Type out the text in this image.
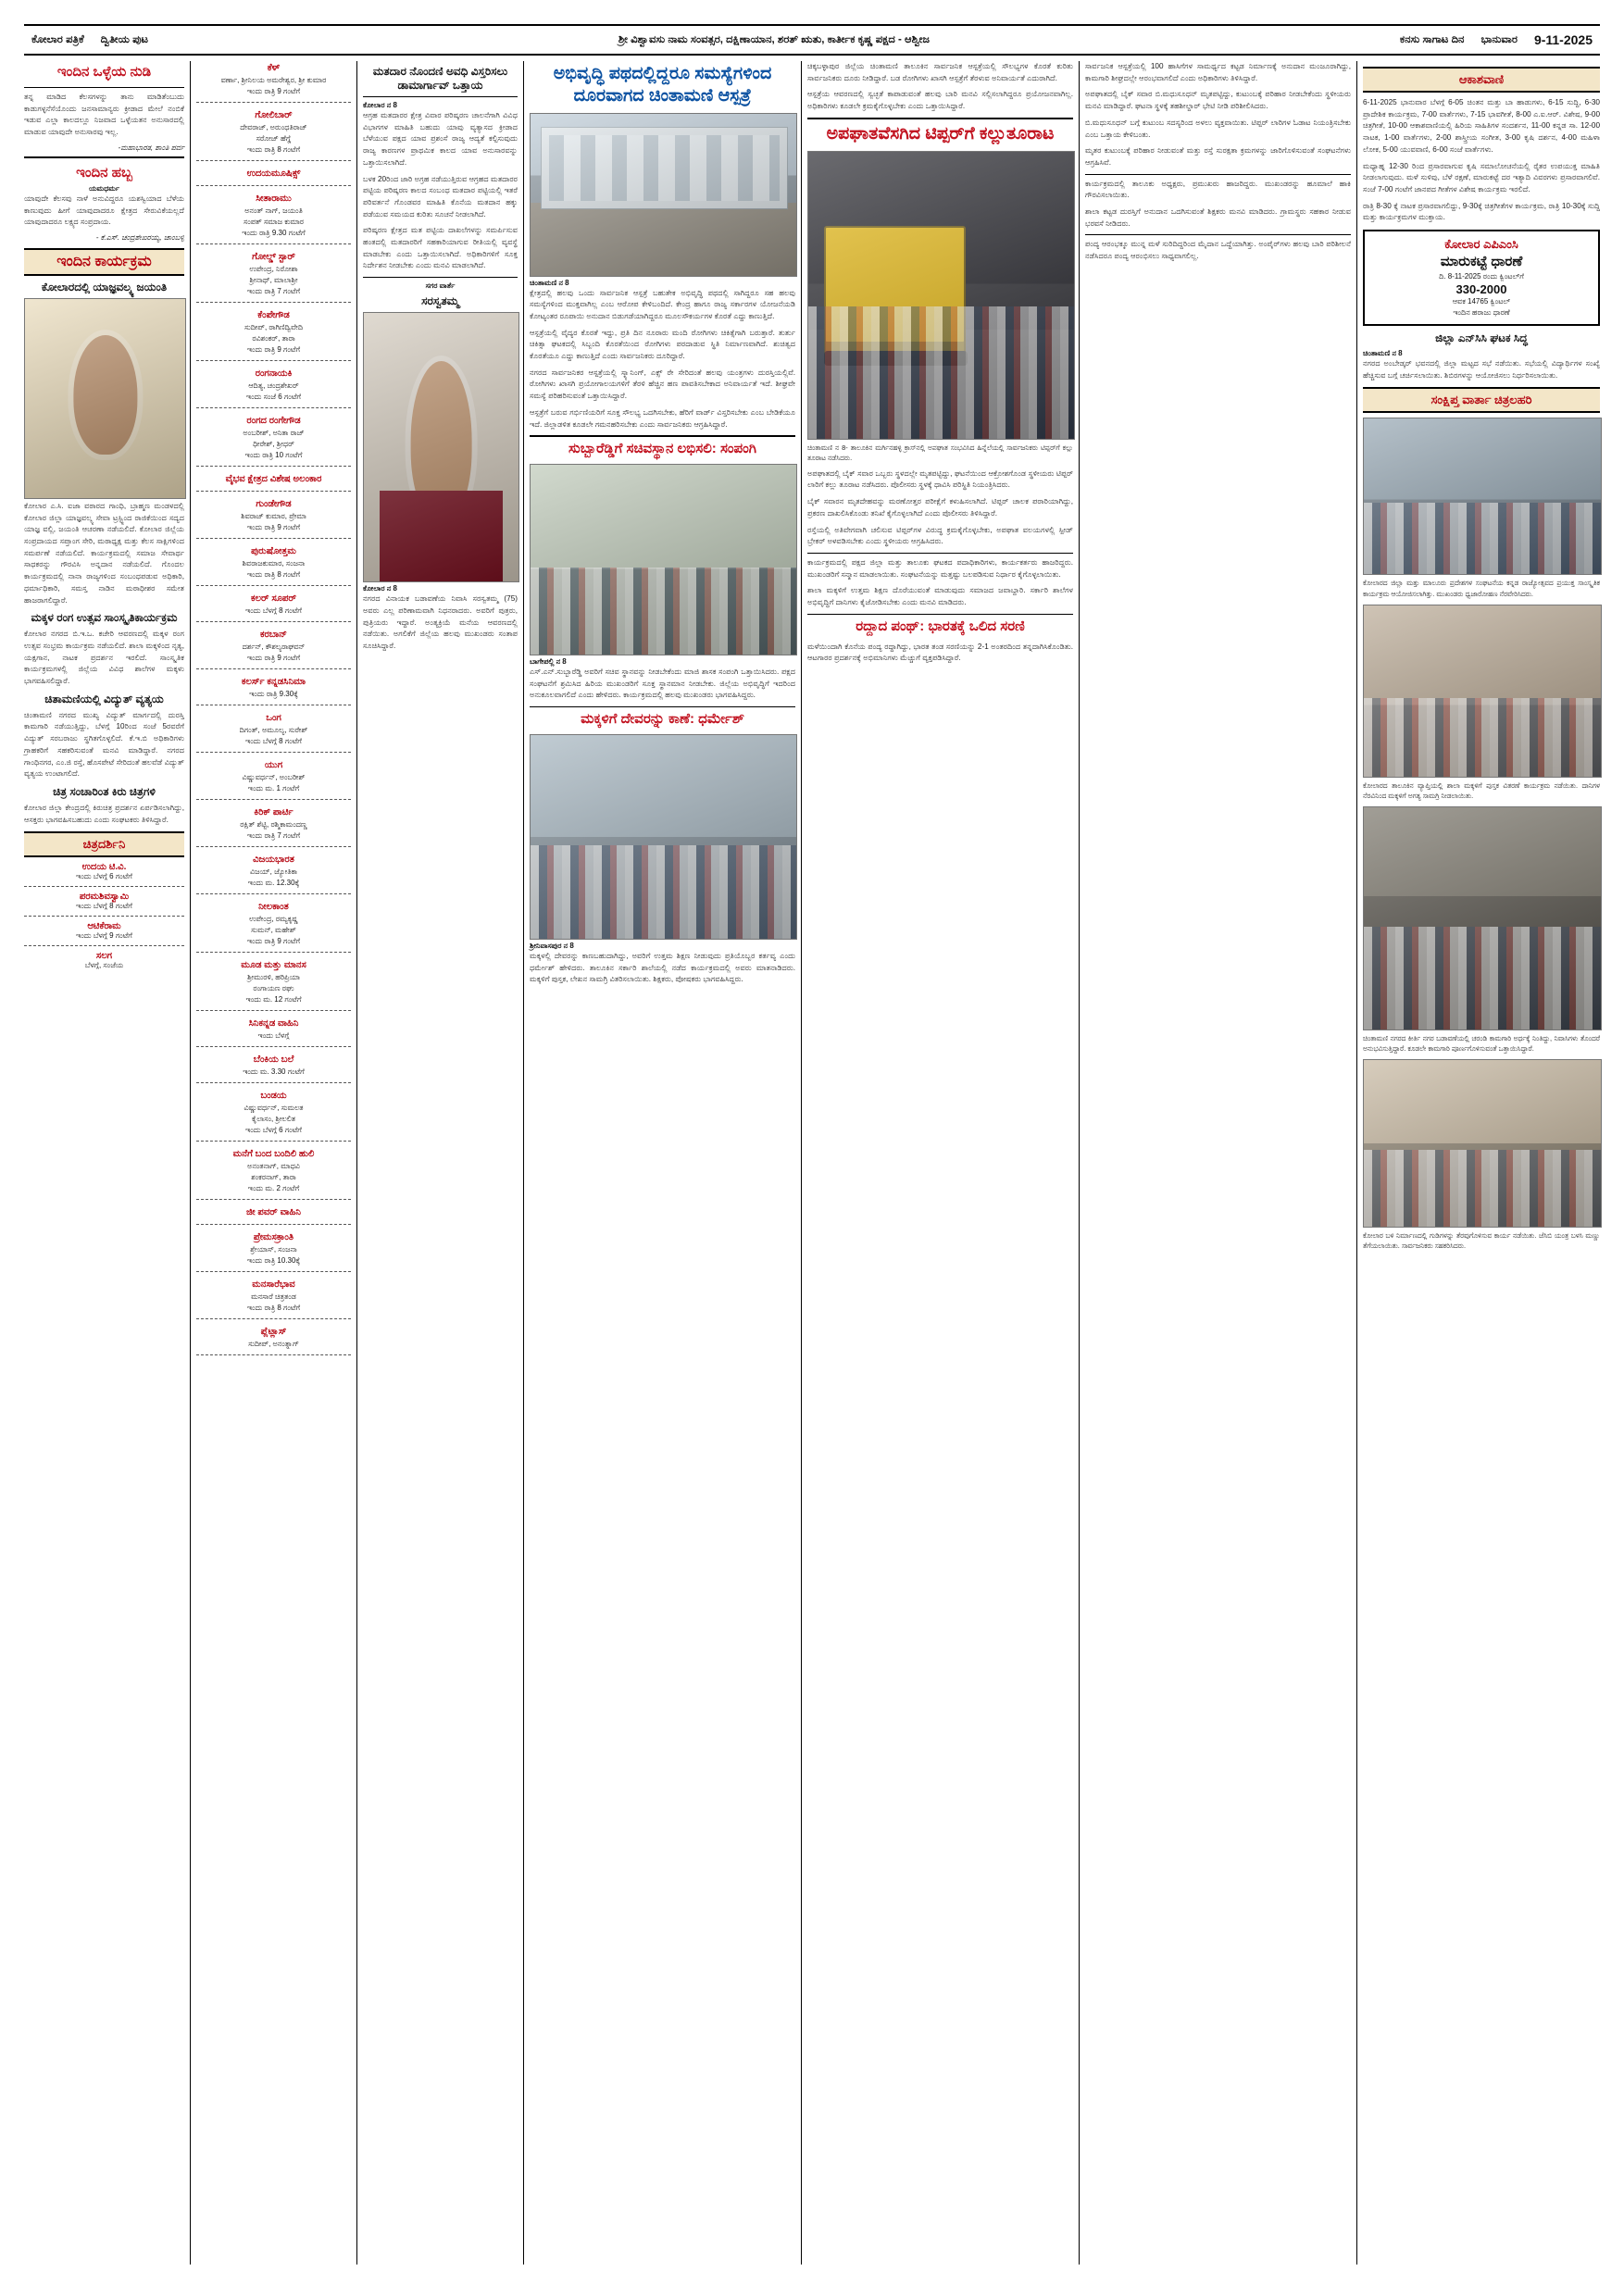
ಕೋಲಾರ ಪತ್ರಿಕೆ ದ್ವಿತೀಯ ಪುಟ	ಶ್ರೀ ವಿಶ್ವಾವಸು ನಾಮ ಸಂವತ್ಸರ, ದಕ್ಷಿಣಾಯಾನ, ಶರತ್ ಋತು, ಕಾರ್ತೀಕ ಕೃಷ್ಣ ಪಕ್ಷದ - ಆಶ್ವೀಜ	ಕನಸು ಸಾಗಾಟ ದಿನ ಭಾನುವಾರ 9-11-2025
ಇಂದಿನ ಒಳ್ಳೆಯ ನುಡಿ
ತನ್ನ ಮಾಡಿದ ಕೆಲಸಗಳನ್ನು ತಾನು ಮಾಡಿತೆಂಬುದು ಕಾಡುಗಳ್ಳನೆಸೆಯೊಂದು ಜನಸಾಮಾನ್ಯರು ಕ್ರೀಡಾದ ಮೇಲೆ ನಂಬಿಕೆ ಇಡುವ ಎಲ್ಲಾ ಕಾಲದಲ್ಲೂ ನಿಜವಾದ ಒಳ್ಳೆಯತನ ಅನುಸಾರದಲ್ಲಿ ಮಾಡುವ ಯಾವುದೇ ಅನುಸಾರವು ಇಲ್ಲ.
-ಮಹಾಭಾರತ, ಶಾಂತಿ ಪರ್ವ
ಇಂದಿನ ಹಬ್ಬ
ಯಮಧರ್ಮ
ಯಾವುದೇ ಕೆಲಸವು ನಾಳೆ ಅನುವಿದ್ದರೂ ಯಶಸ್ವಿಯಾದ ಬೆಳೆಯ ಕಾಣುವುದು ಹೀಗೆ ಯಾವುದಾದರೂ ಕ್ಷೇತ್ರದ ಸೇರುವಿಕೆಯಲ್ಲದೆ ಯಾವುದಾದರೂ ಲಕ್ಷ್ಯದ ಸಂಪ್ರದಾಯ.
- ಕೆ.ಎಸ್. ಚಂದ್ರಶೇಖರಯ್ಯ, ಚಾಂಬಳ್ಳಿ
ಇಂದಿನ ಕಾರ್ಯಕ್ರಮ
ಕೋಲಾರದಲ್ಲಿ ಯಾಜ್ಞವಲ್ಕ್ಯ ಜಯಂತಿ
ಕೋಲಾರ ಎ.ಸಿ. ಐಜಾ ವಠಾರದ ಗಾಂಧಿ, ಬ್ರಾಹ್ಮಣ ಮಂಡಳದಲ್ಲಿ ಕೋಲಾರ ಜಿಲ್ಲಾ ಯಾಜ್ಞವಲ್ಕ್ಯ ಸೇವಾ ಟ್ರಸ್ಟ್ನಿಂದ ರಾಜಿಕೆಯಿಂದ ಸದ್ಯದ ಯಾಜ್ಞ ವಲ್ಲಿ, ಜಯಂತಿ ಆಚರಣಾ ನಡೆಯಲಿದೆ. ಕೋಲಾರ ಜಿಲ್ಲೆಯ ಸಂಪ್ರದಾಯದ ಸಪ್ತಾಂಗ ಸೇರಿ, ಮಠಾಧ್ಯಕ್ಷ ಮತ್ತು ಕೆಲಸ ಸಾಕ್ಷಿಗಳಿಂದ ಸಮರ್ಪಣೆ ನಡೆಯಲಿದೆ. ಕಾರ್ಯಕ್ರಮದಲ್ಲಿ ಸಮಾಜ ಸೇವಾರ್ಥ ಸಾಧಕರನ್ನು ಗೌರವಿಸಿ ಅನ್ನದಾನ ನಡೆಯಲಿದೆ. ಗೊಂದಲ ಕಾರ್ಯಕ್ರಮದಲ್ಲಿ ನಾನಾ ರಾಜ್ಯಗಳಿಂದ ಸಂಬಂಧಪಡುವ ಅಧಿಕಾರಿ, ಧರ್ಮಾಧಿಕಾರಿ, ಸಮಸ್ತ ನಾಡಿನ ಮಠಾಧೀಶರ ಸಮೇತ ಹಾಜರಾಗಲಿದ್ದಾರೆ.
ಮಕ್ಕಳ ರಂಗ ಉತ್ಸವ ಸಾಂಸ್ಕೃತಿಕಾರ್ಯಕ್ರಮ
ಕೋಲಾರ ನಗರದ ಬಿ.ಇ.ಒ. ಕಚೇರಿ ಆವರಣದಲ್ಲಿ ಮಕ್ಕಳ ರಂಗ ಉತ್ಸವ ಸಂಭ್ರಮ ಕಾರ್ಯಕ್ರಮ ನಡೆಯಲಿದೆ. ಶಾಲಾ ಮಕ್ಕಳಿಂದ ನೃತ್ಯ, ಯಕ್ಷಗಾನ, ನಾಟಕ ಪ್ರದರ್ಶನ ಇರಲಿದೆ. ಸಾಂಸ್ಕೃತಿಕ ಕಾರ್ಯಕ್ರಮಗಳಲ್ಲಿ ಜಿಲ್ಲೆಯ ವಿವಿಧ ಶಾಲೆಗಳ ಮಕ್ಕಳು ಭಾಗವಹಿಸಲಿದ್ದಾರೆ.
ಚಿತಾಮಣಿಯಲ್ಲಿ ವಿದ್ಯುತ್ ವ್ಯತ್ಯಯ
ಚಿಂತಾಮಣಿ ನಗರದ ಮುಖ್ಯ ವಿದ್ಯುತ್ ಮಾರ್ಗದಲ್ಲಿ ದುರಸ್ತಿ ಕಾಮಗಾರಿ ನಡೆಯುತ್ತಿದ್ದು, ಬೆಳಗ್ಗೆ 10ರಿಂದ ಸಂಜೆ 5ರವರೆಗೆ ವಿದ್ಯುತ್ ಸರಬರಾಜು ಸ್ಥಗಿತಗೊಳ್ಳಲಿದೆ. ಕೆ.ಇ.ಬಿ ಅಧಿಕಾರಿಗಳು ಗ್ರಾಹಕರಿಗೆ ಸಹಕರಿಸುವಂತೆ ಮನವಿ ಮಾಡಿದ್ದಾರೆ. ನಗರದ ಗಾಂಧಿನಗರ, ಎಂ.ಜಿ ರಸ್ತೆ, ಹೊಸಪೇಟೆ ಸೇರಿದಂತೆ ಹಲವೆಡೆ ವಿದ್ಯುತ್ ವ್ಯತ್ಯಯ ಉಂಟಾಗಲಿದೆ.
ಚಿತ್ರ ಸಂಚಾರಿಂತ ಕಿರು ಚಿತ್ರಗಳಿ
ಕೋಲಾರ ಜಿಲ್ಲಾ ಕೇಂದ್ರದಲ್ಲಿ ಕಿರುಚಿತ್ರ ಪ್ರದರ್ಶನ ಏರ್ಪಡಿಸಲಾಗಿದ್ದು, ಆಸಕ್ತರು ಭಾಗವಹಿಸಬಹುದು ಎಂದು ಸಂಘಟಕರು ತಿಳಿಸಿದ್ದಾರೆ.
ಚಿತ್ರದರ್ಶಿನಿ
ಉದಯ ಟಿ.ವಿ.
ಇಂದು ಬೆಳಗ್ಗೆ 6 ಗಂಟೆಗೆ
ಪರಮಶಿವಸ್ವಾಮಿ
ಇಂದು ಬೆಳಗ್ಗೆ 8 ಗಂಟೆಗೆ
ಆಟಿಕೆರಾಮ
ಇಂದು ಬೆಳಗ್ಗೆ 9 ಗಂಟೆಗೆ
ಸಲಗ
ಬೆಳಗ್ಗೆ, ಸಂಜೆಯ
ಕೆಳ್
ವರ್ಣಾ, ಶ್ರೀನಿಲಯ ಅಮರೇಶ್ವರ, ಶ್ರೀ ಕುಮಾರ
ಇಂದು ರಾತ್ರಿ 9 ಗಂಟೆಗೆ
ಗೋಲಿಬಾರ್
ದೇವರಾಜ್, ಅರುಂಧತಿರಾಜ್
ಸರೋಜ್ ಹೆಗ್ಡೆ
ಇಂದು ರಾತ್ರಿ 8 ಗಂಟೆಗೆ
ಉದಯಮೂಷಿಕ್ಸ್
ಸೀತಾರಾಮು
ಅನಂತ್ ನಾಗ್, ಜಯಂತಿ
ಸಂಪತ್ ಸಮಾಜ ಕುಮಾರ
ಇಂದು ರಾತ್ರಿ 9.30 ಗಂಟೆಗೆ
ಗೋಲ್ಡ್ ಸ್ಟಾರ್
ಉಪೇಂದ್ರ, ನಿರೋಶಾ
ಶ್ರೀನಾಥ್, ಮಾಲಾಶ್ರೀ
ಇಂದು ರಾತ್ರಿ 7 ಗಂಟೆಗೆ
ಕೆಂಪೇಗೌಡ
ಸುದೀಪ್, ರಾಗಿಣಿದ್ವಿವೇದಿ
ರವಿಶಂಕರ್, ತಾರಾ
ಇಂದು ರಾತ್ರಿ 9 ಗಂಟೆಗೆ
ರಂಗನಾಯಕಿ
ಆದಿತ್ಯ, ಚಂದ್ರಶೇಖರ್
ಇಂದು ಸಂಜೆ 6 ಗಂಟೆಗೆ
ರಂಗದ ರಂಗೇಗೌಡ
ಅಂಬರೀಶ್, ಅನಿತಾ ರಾಜ್
ಧೀರೇಶ್, ಶ್ರೀಧರ್
ಇಂದು ರಾತ್ರಿ 10 ಗಂಟೆಗೆ
ವೈಭವ ಕ್ಷೇತ್ರದ ವಿಶೇಷ ಅಲಂಕಾರ
ಗುಂಡೇಗೌಡ
ಶಿವರಾಜ್ ಕುಮಾರ, ಪ್ರೇಮಾ
ಇಂದು ರಾತ್ರಿ 9 ಗಂಟೆಗೆ
ಪುರುಷೋತ್ತಮ
ಶಿವರಾಜಕುಮಾರ, ಸಂಜನಾ
ಇಂದು ರಾತ್ರಿ 8 ಗಂಟೆಗೆ
ಕಲರ್ ಸೂಪರ್
ಇಂದು ಬೆಳಗ್ಗೆ 8 ಗಂಟೆಗೆ
ಕರಬಾನ್
ದರ್ಶನ್, ಕೌಶಲ್ಯರಾಘವನ್
ಇಂದು ರಾತ್ರಿ 9 ಗಂಟೆಗೆ
ಕಲರ್ಸ್ ಕನ್ನಡಸಿನಿಮಾ
ಇಂದು ರಾತ್ರಿ 9.30ಕ್ಕೆ
ಒಂಗ
ದಿಗಂತ್, ಅಮೂಲ್ಯ, ಸುರೇಶ್
ಇಂದು ಬೆಳಗ್ಗೆ 8 ಗಂಟೆಗೆ
ಯುಗ
ವಿಷ್ಣುವರ್ಧನ್, ಅಂಬರೀಶ್
ಇಂದು ಮ. 1 ಗಂಟೆಗೆ
ಕಿರಿಕ್ ಪಾರ್ಟಿ
ರಕ್ಷಿತ್ ಶೆಟ್ಟಿ, ರಶ್ಮಿಕಾಮಂದಣ್ಣ
ಇಂದು ರಾತ್ರಿ 7 ಗಂಟೆಗೆ
ವಿಜಯಭಾರತ
ವಿಜಯ್, ಜ್ಯೋತಿಕಾ
ಇಂದು ಮ. 12.30ಕ್ಕೆ
ನೀಲಕಾಂತ
ಉಪೇಂದ್ರ, ರಮ್ಯಕೃಷ್ಣ
ಸುಮನ್, ಮಹೇಶ್
ಇಂದು ರಾತ್ರಿ 9 ಗಂಟೆಗೆ
ಮೂಡ ಮತ್ತು ಮಾನಸ
ಶ್ರೀಮುರಳಿ, ಹರಿಪ್ರಿಯಾ
ರಂಗಾಯಣ ರಘು
ಇಂದು ಮ. 12 ಗಂಟೆಗೆ
ಸಿನಿಕನ್ನಡ ವಾಹಿನಿ
ಇಂದು ಬೆಳಗ್ಗೆ
ಬೆಂಕಿಯ ಬಲೆ
ಇಂದು ಮ. 3.30 ಗಂಟೆಗೆ
ಬಂಡಯ
ವಿಷ್ಣುವರ್ಧನ್, ಸುಮಲತ
ಕೈಲಾಸಂ, ಶ್ರೀಲಲಿತ
ಇಂದು ಬೆಳಗ್ಗೆ 6 ಗಂಟೆಗೆ
ಮನೆಗೆ ಬಂದ ಬಂದಿಲಿ ಹುಲಿ
ಅನಂತನಾಗ್, ಮಾಧವಿ
ಶಂಕರನಾಗ್, ತಾರಾ
ಇಂದು ಮ. 2 ಗಂಟೆಗೆ
ಜೀ ಪವರ್ ವಾಹಿನಿ
ಪ್ರೇಮಸಕ್ರಾಂತಿ
ಶ್ರೇಯಾಸ್, ಸಂಜನಾ
ಇಂದು ರಾತ್ರಿ 10.30ಕ್ಕೆ
ಮನಸಾರೆಭಾವ
ಮನಸಾರೆ ಚಿತ್ರತಂಡ
ಇಂದು ರಾತ್ರಿ 8 ಗಂಟೆಗೆ
ಪ್ಲೆಟ್ಲಾಸ್
ಸುದೀಪ್, ಅನಂತ್ನಾಗ್
ಮತದಾರ ನೊಂದಣಿ ಅವಧಿ ವಿಸ್ತರಿಸಲು ಡಾಮಾರ್ಗಾವ್ ಒತ್ತಾಯ
ಕೋಲಾರ ನ 8
ಆಗ್ರಹ ಮತದಾರರ ಕ್ಷೇತ್ರ ವಿವಾರ ಪರಿಷ್ಕರಣ ಚಾಲನೆಗಾಗಿ ವಿವಿಧ ವಿಭಾಗಗಳ ಮಾಹಿತಿ ಬಹುದು ಯಾವು ವ್ಯತ್ಯಾಸದ ಕ್ರೀಡಾದ ಬೆಳೆಯುವ ಪಕ್ಷದ ಯಾವ ಪ್ರಶಂಸೆ ರಾಜ್ಯ ಆದ್ಯತೆ ಕಲ್ಪಿಸುವುದು ರಾಜ್ಯ ಕಾರಣಗಳ ಪ್ರಾಥಮಿಕ ಕಾಲದ ಯಾವ ಅನುಸಾರವನ್ನು ಒತ್ತಾಯಿಸಲಾಗಿದೆ.
ಬಳಕ 20ರಿಂದ ಜಾರಿ ಅಗ್ರಹ ನಡೆಯುತ್ತಿರುವ ಆಗ್ರಹದ ಮತದಾರರ ಪಟ್ಟಿಯ ಪರಿಷ್ಕರಣ ಕಾಲದ ಸಂಬಂಧ ಮತದಾರ ಪಟ್ಟಿಯಲ್ಲಿ ಇತರೆ ಪರಿವರ್ತನೆ ಗೊಂಡವರ ಮಾಹಿತಿ ಕೊನೆಯ ಮತದಾನ ಹಕ್ಕು ಪಡೆಯುವ ಸಮಯದ ಕುರಿತು ಸೂಚನೆ ನೀಡಲಾಗಿದೆ.
ಪರಿಷ್ಕರಣ ಕ್ಷೇತ್ರದ ಮತ ಪಟ್ಟಿಯ ದಾಖಲೆಗಳನ್ನು ಸಮರ್ಪಿಸುವ ಹಂತದಲ್ಲಿ ಮತದಾರರಿಗೆ ಸಹಕಾರಿಯಾಗುವ ರೀತಿಯಲ್ಲಿ ವ್ಯವಸ್ಥೆ ಮಾಡಬೇಕು ಎಂದು ಒತ್ತಾಯಿಸಲಾಗಿದೆ. ಅಧಿಕಾರಿಗಳಿಗೆ ಸೂಕ್ತ ನಿರ್ದೇಶನ ನೀಡಬೇಕು ಎಂದು ಮನವಿ ಮಾಡಲಾಗಿದೆ.
ಸಗರ ವಾರ್ತೆ
ಸರಸ್ವತಮ್ಮ
ಕೋಲಾರ ನ 8
ನಗರದ ವಿನಾಯಕ ಬಡಾವಣೆಯ ನಿವಾಸಿ ಸರಸ್ವತಮ್ಮ (75) ಅವರು ಎಲ್ಲ ಪರಿಣಾಮವಾಗಿ ನಿಧನರಾದರು. ಅವರಿಗೆ ಪುತ್ರರು, ಪುತ್ರಿಯರು ಇದ್ದಾರೆ. ಅಂತ್ಯಕ್ರಿಯೆ ಮನೆಯ ಆವರಣದಲ್ಲಿ ನಡೆಯಿತು. ಅಗಲಿಕೆಗೆ ಜಿಲ್ಲೆಯ ಹಲವು ಮುಖಂಡರು ಸಂತಾಪ ಸೂಚಿಸಿದ್ದಾರೆ.
ಅಭಿವೃದ್ಧಿ ಪಥದಲ್ಲಿದ್ದರೂ ಸಮಸ್ಯೆಗಳಿಂದ ದೂರವಾಗದ ಚಿಂತಾಮಣಿ ಆಸ್ಪತ್ರೆ
ಚಿಂತಾಮಣಿ ನ 8
ಕ್ಷೇತ್ರದಲ್ಲಿ ಹಲವು ಒಂದು ಸಾರ್ವಜನಿಕ ಆಸ್ಪತ್ರೆ ಬಹುತೇಕ ಅಭಿವೃದ್ಧಿ ಪಥದಲ್ಲಿ ಸಾಗಿದ್ದರೂ ಸಹ ಹಲವು ಸಮಸ್ಯೆಗಳಿಂದ ಮುಕ್ತವಾಗಿಲ್ಲ ಎಂಬ ಆರೋಪ ಕೇಳಿಬಂದಿದೆ. ಕೇಂದ್ರ ಹಾಗೂ ರಾಜ್ಯ ಸರ್ಕಾರಗಳ ಯೋಜನೆಯಡಿ ಕೋಟ್ಯಂತರ ರೂಪಾಯಿ ಅನುದಾನ ಬಿಡುಗಡೆಯಾಗಿದ್ದರೂ ಮೂಲಸೌಕರ್ಯಗಳ ಕೊರತೆ ಎದ್ದು ಕಾಣುತ್ತಿದೆ.
ಆಸ್ಪತ್ರೆಯಲ್ಲಿ ವೈದ್ಯರ ಕೊರತೆ ಇದ್ದು, ಪ್ರತಿ ದಿನ ನೂರಾರು ಮಂದಿ ರೋಗಿಗಳು ಚಿಕಿತ್ಸೆಗಾಗಿ ಬರುತ್ತಾರೆ. ತುರ್ತು ಚಿಕಿತ್ಸಾ ಘಟಕದಲ್ಲಿ ಸಿಬ್ಬಂದಿ ಕೊರತೆಯಿಂದ ರೋಗಿಗಳು ಪರದಾಡುವ ಸ್ಥಿತಿ ನಿರ್ಮಾಣವಾಗಿದೆ. ಶುಚಿತ್ವದ ಕೊರತೆಯೂ ಎದ್ದು ಕಾಣುತ್ತಿದೆ ಎಂದು ಸಾರ್ವಜನಿಕರು ದೂರಿದ್ದಾರೆ.
ನಗರದ ಸಾರ್ವಜನಿಕರ ಆಸ್ಪತ್ರೆಯಲ್ಲಿ ಸ್ಕ್ಯಾನಿಂಗ್, ಎಕ್ಸ್ ರೇ ಸೇರಿದಂತೆ ಹಲವು ಯಂತ್ರಗಳು ದುರಸ್ತಿಯಲ್ಲಿವೆ. ರೋಗಿಗಳು ಖಾಸಗಿ ಪ್ರಯೋಗಾಲಯಗಳಿಗೆ ತೆರಳಿ ಹೆಚ್ಚಿನ ಹಣ ಪಾವತಿಸಬೇಕಾದ ಅನಿವಾರ್ಯತೆ ಇದೆ. ಶೀಘ್ರವೇ ಸಮಸ್ಯೆ ಪರಿಹರಿಸುವಂತೆ ಒತ್ತಾಯಿಸಿದ್ದಾರೆ.
ಆಸ್ಪತ್ರೆಗೆ ಬರುವ ಗರ್ಭಿಣಿಯರಿಗೆ ಸೂಕ್ತ ಸೌಲಭ್ಯ ಒದಗಿಸಬೇಕು, ಹೆರಿಗೆ ವಾರ್ಡ್ ವಿಸ್ತರಿಸಬೇಕು ಎಂಬ ಬೇಡಿಕೆಯೂ ಇದೆ. ಜಿಲ್ಲಾಡಳಿತ ಕೂಡಲೇ ಗಮನಹರಿಸಬೇಕು ಎಂದು ಸಾರ್ವಜನಿಕರು ಆಗ್ರಹಿಸಿದ್ದಾರೆ.
ಸುಬ್ಬಾರೆಡ್ಡಿಗೆ ಸಚಿವಸ್ಥಾನ ಲಭಿಸಲಿ: ಸಂಪಂಗಿ
ಬಾಗೇಪಲ್ಲಿ ನ 8
ಎಸ್.ಎನ್.ಸುಬ್ಬಾರೆಡ್ಡಿ ಅವರಿಗೆ ಸಚಿವ ಸ್ಥಾನವನ್ನು ನೀಡಬೇಕೆಂದು ಮಾಜಿ ಶಾಸಕ ಸಂಪಂಗಿ ಒತ್ತಾಯಿಸಿದರು. ಪಕ್ಷದ ಸಂಘಟನೆಗೆ ಶ್ರಮಿಸಿದ ಹಿರಿಯ ಮುಖಂಡರಿಗೆ ಸೂಕ್ತ ಸ್ಥಾನಮಾನ ನೀಡಬೇಕು. ಜಿಲ್ಲೆಯ ಅಭಿವೃದ್ಧಿಗೆ ಇದರಿಂದ ಅನುಕೂಲವಾಗಲಿದೆ ಎಂದು ಹೇಳಿದರು. ಕಾರ್ಯಕ್ರಮದಲ್ಲಿ ಹಲವು ಮುಖಂಡರು ಭಾಗವಹಿಸಿದ್ದರು.
ಮಕ್ಕಳಿಗೆ ದೇವರನ್ನು ಕಾಣೆ: ಧರ್ಮೇಶ್
ಶ್ರೀನಿವಾಸಪುರ ನ 8
ಮಕ್ಕಳಲ್ಲಿ ದೇವರನ್ನು ಕಾಣಬಹುದಾಗಿದ್ದು, ಅವರಿಗೆ ಉತ್ತಮ ಶಿಕ್ಷಣ ನೀಡುವುದು ಪ್ರತಿಯೊಬ್ಬರ ಕರ್ತವ್ಯ ಎಂದು ಧರ್ಮೇಶ್ ಹೇಳಿದರು. ತಾಲೂಕಿನ ಸರ್ಕಾರಿ ಶಾಲೆಯಲ್ಲಿ ನಡೆದ ಕಾರ್ಯಕ್ರಮದಲ್ಲಿ ಅವರು ಮಾತನಾಡಿದರು. ಮಕ್ಕಳಿಗೆ ಪುಸ್ತಕ, ಲೇಖನ ಸಾಮಗ್ರಿ ವಿತರಿಸಲಾಯಿತು. ಶಿಕ್ಷಕರು, ಪೋಷಕರು ಭಾಗವಹಿಸಿದ್ದರು.
ಚಿಕ್ಕಬಳ್ಳಾಪುರ ಜಿಲ್ಲೆಯ ಚಿಂತಾಮಣಿ ತಾಲೂಕಿನ ಸಾರ್ವಜನಿಕ ಆಸ್ಪತ್ರೆಯಲ್ಲಿ ಸೌಲಭ್ಯಗಳ ಕೊರತೆ ಕುರಿತು ಸಾರ್ವಜನಿಕರು ದೂರು ನೀಡಿದ್ದಾರೆ. ಬಡ ರೋಗಿಗಳು ಖಾಸಗಿ ಆಸ್ಪತ್ರೆಗೆ ತೆರಳುವ ಅನಿವಾರ್ಯತೆ ಎದುರಾಗಿದೆ.
ಆಸ್ಪತ್ರೆಯ ಆವರಣದಲ್ಲಿ ಸ್ವಚ್ಛತೆ ಕಾಪಾಡುವಂತೆ ಹಲವು ಬಾರಿ ಮನವಿ ಸಲ್ಲಿಸಲಾಗಿದ್ದರೂ ಪ್ರಯೋಜನವಾಗಿಲ್ಲ. ಅಧಿಕಾರಿಗಳು ಕೂಡಲೇ ಕ್ರಮಕೈಗೊಳ್ಳಬೇಕು ಎಂದು ಒತ್ತಾಯಿಸಿದ್ದಾರೆ.
ಅಪಘಾತವೆಸಗಿದ ಟಿಪ್ಪರ್‌ಗೆ ಕಲ್ಲುತೂರಾಟ
ಚಿಂತಾಮಣಿ ನ 8- ತಾಲೂಕಿನ ಮರ್ಗಿನಹಳ್ಳಿ ಕ್ರಾಸ್‌ನಲ್ಲಿ ಅಪಘಾತ ಸಂಭವಿಸಿದ ಹಿನ್ನೆಲೆಯಲ್ಲಿ ಸಾರ್ವಜನಿಕರು ಟಿಪ್ಪರ್‌ಗೆ ಕಲ್ಲು ತೂರಾಟ ನಡೆಸಿದರು.
ಅಪಘಾತದಲ್ಲಿ ಬೈಕ್ ಸವಾರ ಒಬ್ಬರು ಸ್ಥಳದಲ್ಲೇ ಮೃತಪಟ್ಟಿದ್ದು, ಘಟನೆಯಿಂದ ಆಕ್ರೋಶಗೊಂಡ ಸ್ಥಳೀಯರು ಟಿಪ್ಪರ್ ಲಾರಿಗೆ ಕಲ್ಲು ತೂರಾಟ ನಡೆಸಿದರು. ಪೊಲೀಸರು ಸ್ಥಳಕ್ಕೆ ಧಾವಿಸಿ ಪರಿಸ್ಥಿತಿ ನಿಯಂತ್ರಿಸಿದರು.
ಬೈಕ್ ಸವಾರನ ಮೃತದೇಹವನ್ನು ಮರಣೋತ್ತರ ಪರೀಕ್ಷೆಗೆ ಕಳುಹಿಸಲಾಗಿದೆ. ಟಿಪ್ಪರ್ ಚಾಲಕ ಪರಾರಿಯಾಗಿದ್ದು, ಪ್ರಕರಣ ದಾಖಲಿಸಿಕೊಂಡು ತನಿಖೆ ಕೈಗೊಳ್ಳಲಾಗಿದೆ ಎಂದು ಪೊಲೀಸರು ತಿಳಿಸಿದ್ದಾರೆ.
ರಸ್ತೆಯಲ್ಲಿ ಅತಿವೇಗವಾಗಿ ಚಲಿಸುವ ಟಿಪ್ಪರ್‌ಗಳ ವಿರುದ್ಧ ಕ್ರಮಕೈಗೊಳ್ಳಬೇಕು, ಅಪಘಾತ ವಲಯಗಳಲ್ಲಿ ಸ್ಪೀಡ್ ಬ್ರೇಕರ್ ಅಳವಡಿಸಬೇಕು ಎಂದು ಸ್ಥಳೀಯರು ಆಗ್ರಹಿಸಿದರು.
ಕಾರ್ಯಕ್ರಮದಲ್ಲಿ ಪಕ್ಷದ ಜಿಲ್ಲಾ ಮತ್ತು ತಾಲೂಕು ಘಟಕದ ಪದಾಧಿಕಾರಿಗಳು, ಕಾರ್ಯಕರ್ತರು ಹಾಜರಿದ್ದರು. ಮುಖಂಡರಿಗೆ ಸನ್ಮಾನ ಮಾಡಲಾಯಿತು. ಸಂಘಟನೆಯನ್ನು ಮತ್ತಷ್ಟು ಬಲಪಡಿಸುವ ನಿರ್ಧಾರ ಕೈಗೊಳ್ಳಲಾಯಿತು.
ಶಾಲಾ ಮಕ್ಕಳಿಗೆ ಉತ್ತಮ ಶಿಕ್ಷಣ ದೊರೆಯುವಂತೆ ಮಾಡುವುದು ಸಮಾಜದ ಜವಾಬ್ದಾರಿ. ಸರ್ಕಾರಿ ಶಾಲೆಗಳ ಅಭಿವೃದ್ಧಿಗೆ ದಾನಿಗಳು ಕೈಜೋಡಿಸಬೇಕು ಎಂದು ಮನವಿ ಮಾಡಿದರು.
ರದ್ದಾದ ಪಂಥ್: ಭಾರತಕ್ಕೆ ಒಲಿದ ಸರಣಿ
ಮಳೆಯಿಂದಾಗಿ ಕೊನೆಯ ಪಂದ್ಯ ರದ್ದಾಗಿದ್ದು, ಭಾರತ ತಂಡ ಸರಣಿಯನ್ನು 2-1 ಅಂತರದಿಂದ ತನ್ನದಾಗಿಸಿಕೊಂಡಿತು. ಆಟಗಾರರ ಪ್ರದರ್ಶನಕ್ಕೆ ಅಭಿಮಾನಿಗಳು ಮೆಚ್ಚುಗೆ ವ್ಯಕ್ತಪಡಿಸಿದ್ದಾರೆ.
ಸಾರ್ವಜನಿಕ ಆಸ್ಪತ್ರೆಯಲ್ಲಿ 100 ಹಾಸಿಗೆಗಳ ಸಾಮರ್ಥ್ಯದ ಕಟ್ಟಡ ನಿರ್ಮಾಣಕ್ಕೆ ಅನುದಾನ ಮಂಜೂರಾಗಿದ್ದು, ಕಾಮಗಾರಿ ಶೀಘ್ರದಲ್ಲೇ ಆರಂಭವಾಗಲಿದೆ ಎಂದು ಅಧಿಕಾರಿಗಳು ತಿಳಿಸಿದ್ದಾರೆ.
ಅಪಘಾತದಲ್ಲಿ ಬೈಕ್ ಸವಾರ ಬಿ.ಮಧುಸೂಧನ್ ಮೃತಪಟ್ಟಿದ್ದು, ಕುಟುಂಬಕ್ಕೆ ಪರಿಹಾರ ನೀಡಬೇಕೆಂದು ಸ್ಥಳೀಯರು ಮನವಿ ಮಾಡಿದ್ದಾರೆ. ಘಟನಾ ಸ್ಥಳಕ್ಕೆ ತಹಶೀಲ್ದಾರ್ ಭೇಟಿ ನೀಡಿ ಪರಿಶೀಲಿಸಿದರು.
ಬಿ.ಮಧುಸೂಧನ್ ಬಗ್ಗೆ ಕುಟುಂಬ ಸದಸ್ಯರಿಂದ ಅಳಲು ವ್ಯಕ್ತವಾಯಿತು. ಟಿಪ್ಪರ್ ಲಾರಿಗಳ ಓಡಾಟ ನಿಯಂತ್ರಿಸಬೇಕು ಎಂಬ ಒತ್ತಾಯ ಕೇಳಿಬಂತು.
ಮೃತರ ಕುಟುಂಬಕ್ಕೆ ಪರಿಹಾರ ನೀಡುವಂತೆ ಮತ್ತು ರಸ್ತೆ ಸುರಕ್ಷತಾ ಕ್ರಮಗಳನ್ನು ಜಾರಿಗೊಳಿಸುವಂತೆ ಸಂಘಟನೆಗಳು ಆಗ್ರಹಿಸಿವೆ.
ಕಾರ್ಯಕ್ರಮದಲ್ಲಿ ತಾಲೂಕು ಅಧ್ಯಕ್ಷರು, ಪ್ರಮುಖರು ಹಾಜರಿದ್ದರು. ಮುಖಂಡರನ್ನು ಹೂಮಾಲೆ ಹಾಕಿ ಗೌರವಿಸಲಾಯಿತು.
ಶಾಲಾ ಕಟ್ಟಡ ದುರಸ್ತಿಗೆ ಅನುದಾನ ಒದಗಿಸುವಂತೆ ಶಿಕ್ಷಕರು ಮನವಿ ಮಾಡಿದರು. ಗ್ರಾಮಸ್ಥರು ಸಹಕಾರ ನೀಡುವ ಭರವಸೆ ನೀಡಿದರು.
ಪಂದ್ಯ ಆರಂಭಕ್ಕೂ ಮುನ್ನ ಮಳೆ ಸುರಿದಿದ್ದರಿಂದ ಮೈದಾನ ಒದ್ದೆಯಾಗಿತ್ತು. ಅಂಪೈರ್‌ಗಳು ಹಲವು ಬಾರಿ ಪರಿಶೀಲನೆ ನಡೆಸಿದರೂ ಪಂದ್ಯ ಆರಂಭಿಸಲು ಸಾಧ್ಯವಾಗಲಿಲ್ಲ.
ಆಕಾಶವಾಣಿ
6-11-2025 ಭಾನುವಾರ ಬೆಳಗ್ಗೆ 6-05 ಚಿಂತನ ಮತ್ತು ಬಾ ಹಾಡುಗಳು, 6-15 ಸುದ್ದಿ, 6-30 ಪ್ರಾದೇಶಿಕ ಕಾರ್ಯಕ್ರಮ, 7-00 ವಾರ್ತೆಗಳು, 7-15 ಭಾವಗೀತೆ, 8-00 ಎ.ಐ.ಆರ್. ವಿಶೇಷ, 9-00 ಚಿತ್ರಗೀತೆ, 10-00 ಆಕಾಶವಾಣಿಯಲ್ಲಿ ಹಿರಿಯ ಸಾಹಿತಿಗಳ ಸಂದರ್ಶನ, 11-00 ಕನ್ನಡ ಸಾ. 12-00 ನಾಟಕ, 1-00 ವಾರ್ತೆಗಳು, 2-00 ಶಾಸ್ತ್ರೀಯ ಸಂಗೀತ, 3-00 ಕೃಷಿ ದರ್ಶನ, 4-00 ಮಹಿಳಾ ಲೋಕ, 5-00 ಯುವವಾಣಿ, 6-00 ಸಂಜೆ ವಾರ್ತೆಗಳು.
ಮಧ್ಯಾಹ್ನ 12-30 ರಿಂದ ಪ್ರಸಾರವಾಗುವ ಕೃಷಿ ಸಮಾಲೋಚನೆಯಲ್ಲಿ ರೈತರ ಉಪಯುಕ್ತ ಮಾಹಿತಿ ನೀಡಲಾಗುವುದು. ಮಳೆ ಸುಳಿವು, ಬೆಳೆ ರಕ್ಷಣೆ, ಮಾರುಕಟ್ಟೆ ದರ ಇತ್ಯಾದಿ ವಿವರಗಳು ಪ್ರಸಾರವಾಗಲಿವೆ. ಸಂಜೆ 7-00 ಗಂಟೆಗೆ ಜಾನಪದ ಗೀತೆಗಳ ವಿಶೇಷ ಕಾರ್ಯಕ್ರಮ ಇರಲಿದೆ.
ರಾತ್ರಿ 8-30 ಕ್ಕೆ ನಾಟಕ ಪ್ರಸಾರವಾಗಲಿದ್ದು, 9-30ಕ್ಕೆ ಚಿತ್ರಗೀತೆಗಳ ಕಾರ್ಯಕ್ರಮ, ರಾತ್ರಿ 10-30ಕ್ಕೆ ಸುದ್ದಿ ಮತ್ತು ಕಾರ್ಯಕ್ರಮಗಳ ಮುಕ್ತಾಯ.
ಕೋಲಾರ ಎಪಿಎಂಸಿ
ಮಾರುಕಟ್ಟೆ ಧಾರಣೆ
ದಿ. 8-11-2025 ರಂದು ಕ್ವಿಂಟಲ್‌ಗೆ
330-2000
ಆವಕ 14765 ಕ್ವಿಂಟಲ್
ಇಂದಿನ ಹರಾಜು ಧಾರಣೆ
ಜಿಲ್ಲಾ ಎನ್‌ಸಿಸಿ ಘಟಕ ಸಿದ್ಧ
ಚಿಂತಾಮಣಿ ನ 8
ನಗರದ ಅಂಬೇಡ್ಕರ್ ಭವನದಲ್ಲಿ ಜಿಲ್ಲಾ ಮಟ್ಟದ ಸಭೆ ನಡೆಯಿತು. ಸಭೆಯಲ್ಲಿ ವಿದ್ಯಾರ್ಥಿಗಳ ಸಂಖ್ಯೆ ಹೆಚ್ಚಿಸುವ ಬಗ್ಗೆ ಚರ್ಚಿಸಲಾಯಿತು. ಶಿಬಿರಗಳನ್ನು ಆಯೋಜಿಸಲು ನಿರ್ಧರಿಸಲಾಯಿತು.
ಸಂಕ್ಷಿಪ್ತ ವಾರ್ತಾ ಚಿತ್ರಲಹರಿ
ಕೋಲಾರದ ಜಿಲ್ಲಾ ಮತ್ತು ಮಾಲೂರು ಪ್ರದೇಶಗಳ ಸಂಘಟನೆಯ ಕನ್ನಡ ರಾಜ್ಯೋತ್ಸವದ ಪ್ರಯುಕ್ತ ಸಾಂಸ್ಕೃತಿಕ ಕಾರ್ಯಕ್ರಮ ಆಯೋಜಿಸಲಾಗಿತ್ತು. ಮುಖಂಡರು ಧ್ವಜಾರೋಹಣ ನೆರವೇರಿಸಿದರು.
ಕೋಲಾರದ ತಾಲೂಕಿನ ವ್ಯಾಪ್ತಿಯಲ್ಲಿ ಶಾಲಾ ಮಕ್ಕಳಿಗೆ ಪುಸ್ತಕ ವಿತರಣೆ ಕಾರ್ಯಕ್ರಮ ನಡೆಯಿತು. ದಾನಿಗಳ ನೆರವಿನಿಂದ ಮಕ್ಕಳಿಗೆ ಅಗತ್ಯ ಸಾಮಗ್ರಿ ನೀಡಲಾಯಿತು.
ಚಿಂತಾಮಣಿ ನಗರದ ಕೀರ್ತಿ ನಗರ ಬಡಾವಣೆಯಲ್ಲಿ ಚರಂಡಿ ಕಾಮಗಾರಿ ಅರ್ಧಕ್ಕೆ ನಿಂತಿದ್ದು, ನಿವಾಸಿಗಳು ತೊಂದರೆ ಅನುಭವಿಸುತ್ತಿದ್ದಾರೆ. ಕೂಡಲೇ ಕಾಮಗಾರಿ ಪೂರ್ಣಗೊಳಿಸುವಂತೆ ಒತ್ತಾಯಿಸಿದ್ದಾರೆ.
ಕೋಲಾರ ಬಳಿ ನಿರ್ಮಾಣದಲ್ಲಿ ಗುಡಿಗಳನ್ನು ತೆರವುಗೊಳಿಸುವ ಕಾರ್ಯ ನಡೆಯಿತು. ಜೆಸಿಬಿ ಯಂತ್ರ ಬಳಸಿ ಮಣ್ಣು ತೆಗೆಯಲಾಯಿತು. ಸಾರ್ವಜನಿಕರು ಸಹಕರಿಸಿದರು.
